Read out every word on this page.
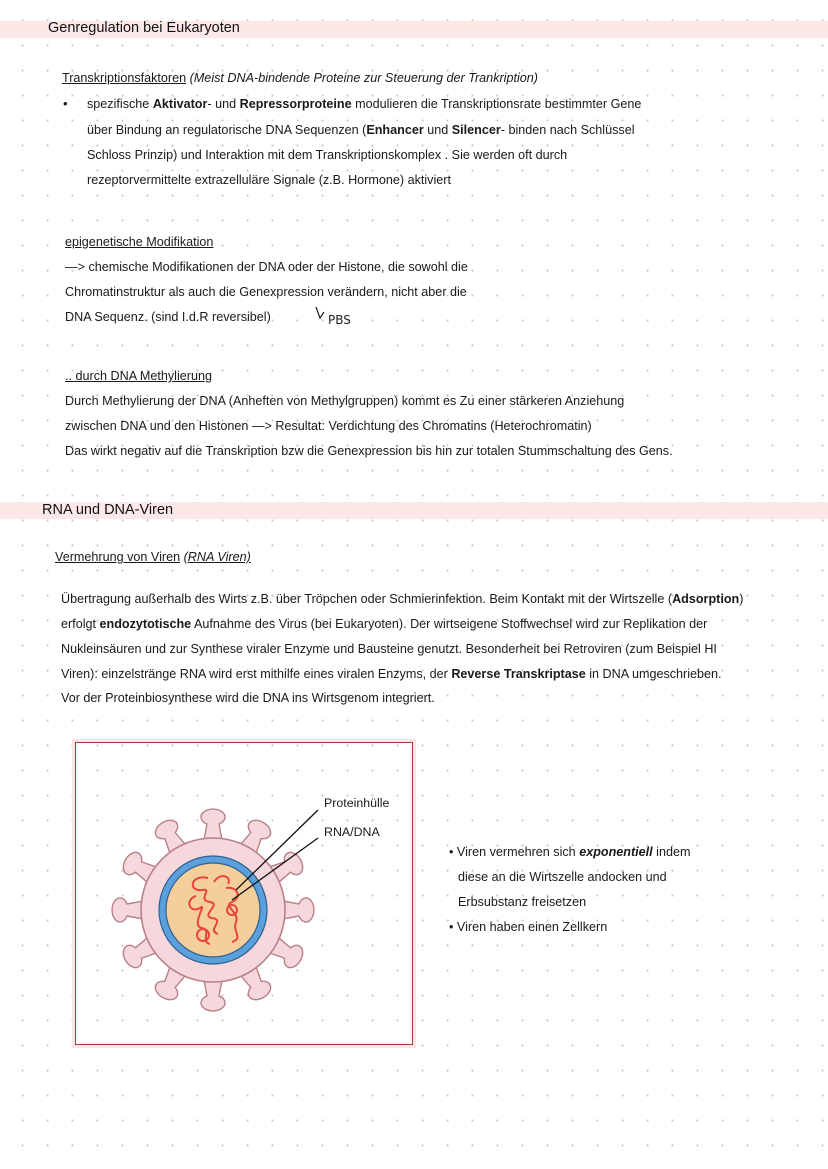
Genregulation bei Eukaryoten
Transkriptionsfaktoren (Meist DNA-bindende Proteine zur Steuerung der Trankription)
• spezifische Aktivator- und Repressorproteine modulieren die Transkriptionsrate bestimmter Gene
über Bindung an regulatorische DNA Sequenzen (Enhancer und Silencer- binden nach Schlüssel
Schloss Prinzip) und Interaktion mit dem Transkriptionskomplex . Sie werden oft durch
rezeptorvermittelte extrazelluläre Signale (z.B. Hormone) aktiviert
epigenetische Modifikation
—> chemische Modifikationen der DNA oder der Histone, die sowohl die
Chromatinstruktur als auch die Genexpression verändern, nicht aber die
DNA Sequenz. (sind I.d.R reversibel)	PBS
.. durch DNA Methylierung
Durch Methylierung der DNA (Anheften von Methylgruppen) kommt es Zu einer stärkeren Anziehung
zwischen DNA und den Histonen —> Resultat: Verdichtung des Chromatins (Heterochromatin)
Das wirkt negativ auf die Transkription bzw die Genexpression bis hin zur totalen Stummschaltung des Gens.
RNA und DNA-Viren
Vermehrung von Viren (RNA Viren)
Übertragung außerhalb des Wirts z.B. über Tröpchen oder Schmierinfektion. Beim Kontakt mit der Wirtszelle (Adsorption)
erfolgt endozytotische Aufnahme des Virus (bei Eukaryoten). Der wirtseigene Stoffwechsel wird zur Replikation der
Nukleinsäuren und zur Synthese viraler Enzyme und Bausteine genutzt. Besonderheit bei Retroviren (zum Beispiel HI
Viren): einzelstränge RNA wird erst mithilfe eines viralen Enzyms, der Reverse Transkriptase in DNA umgeschrieben.
Vor der Proteinbiosynthese wird die DNA ins Wirtsgenom integriert.
Proteinhülle
RNA/DNA
• Viren vermehren sich exponentiell indem
diese an die Wirtszelle andocken und
Erbsubstanz freisetzen
• Viren haben einen Zellkern
